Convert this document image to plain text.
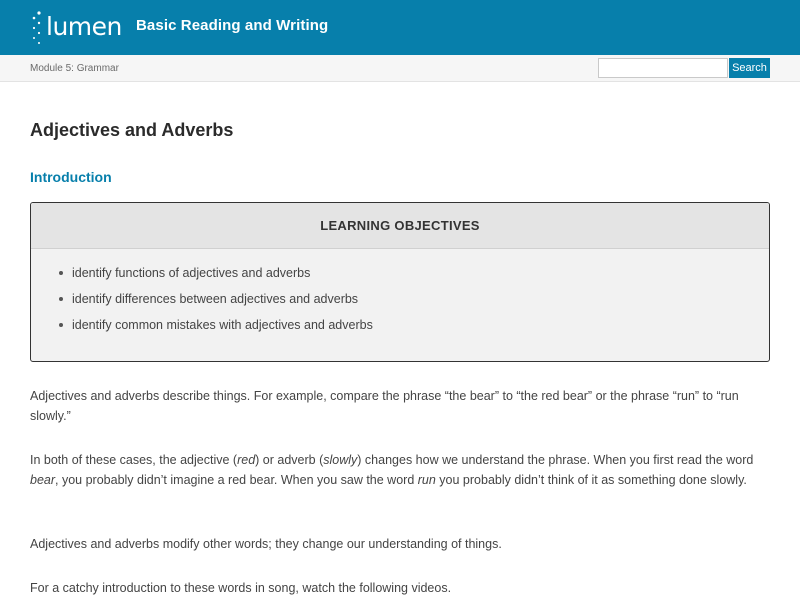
lumen Basic Reading and Writing
Module 5: Grammar	Search
Adjectives and Adverbs
Introduction
LEARNING OBJECTIVES
identify functions of adjectives and adverbs
identify differences between adjectives and adverbs
identify common mistakes with adjectives and adverbs

Adjectives and adverbs describe things. For example, compare the phrase “the bear” to “the red bear” or the phrase “run” to “run slowly.”

In both of these cases, the adjective (red) or adverb (slowly) changes how we understand the phrase. When you first read the word bear, you probably didn’t imagine a red bear. When you saw the word run you probably didn’t think of it as something done slowly.

Adjectives and adverbs modify other words; they change our understanding of things.

For a catchy introduction to these words in song, watch the following videos.
